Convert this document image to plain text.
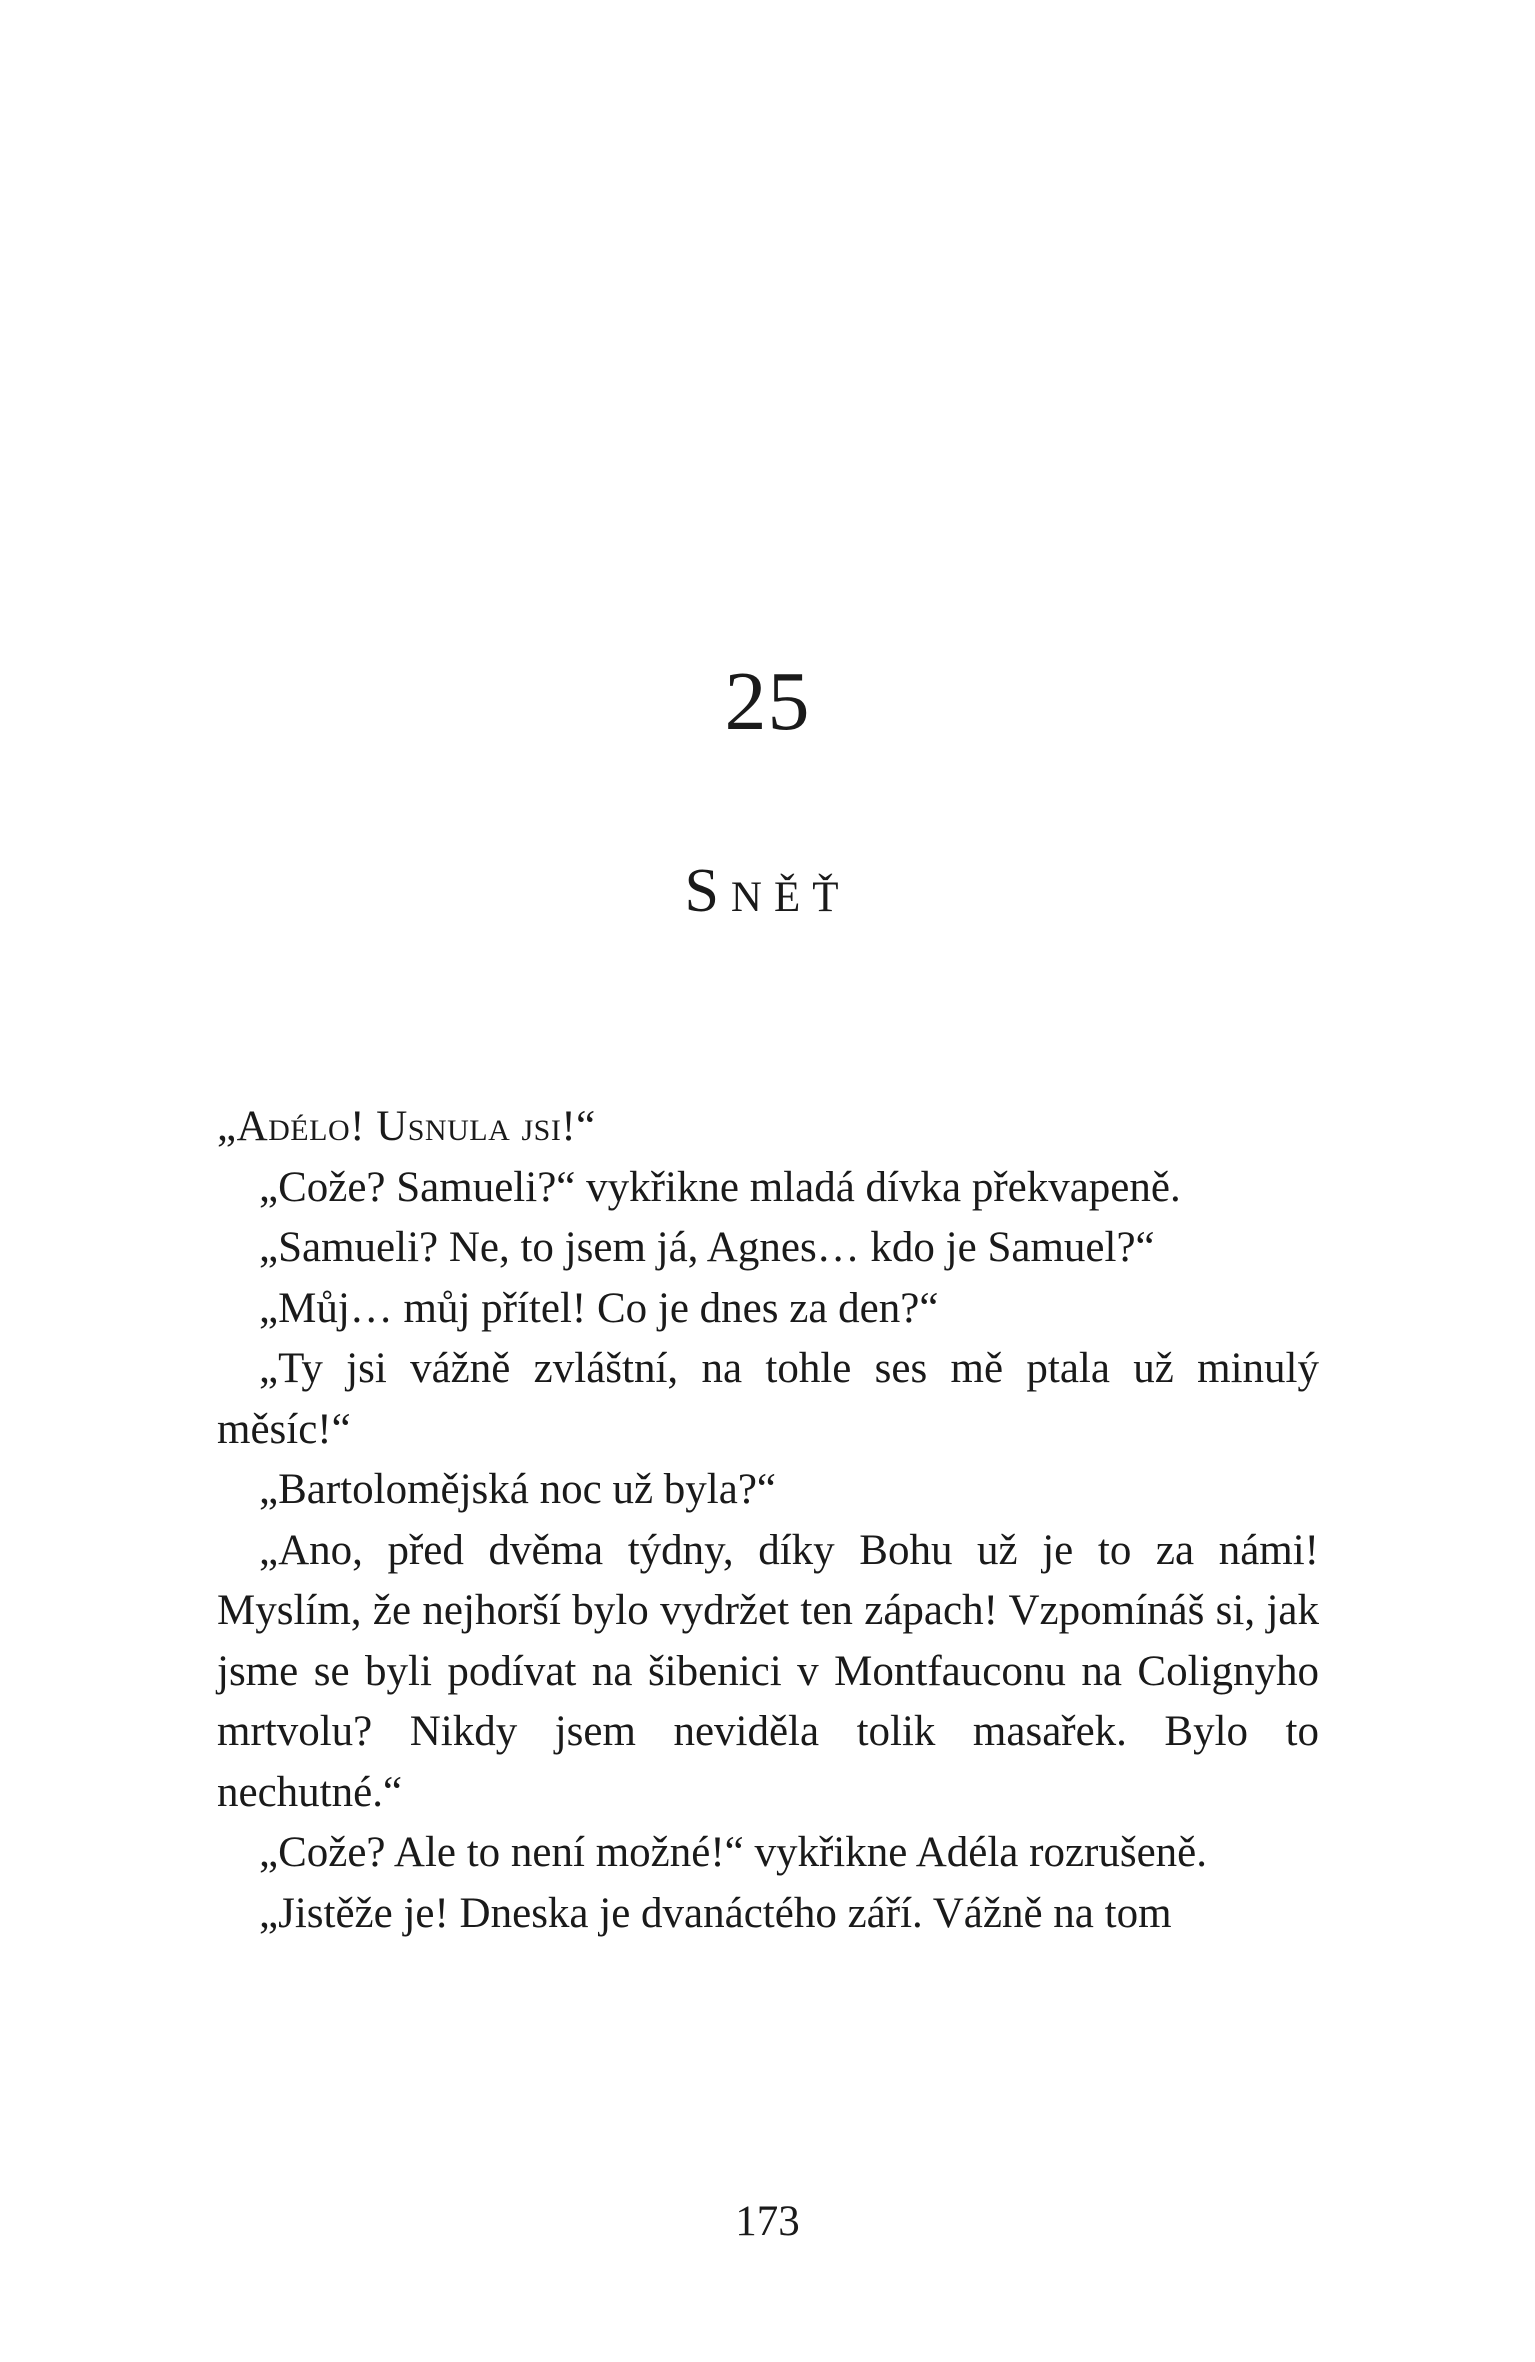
25
Sněť

„Adélo! Usnula jsi!“

„Cože? Samueli?“ vykřikne mladá dívka překvapeně.

„Samueli? Ne, to jsem já, Agnes… kdo je Samuel?“

„Můj… můj přítel! Co je dnes za den?“

„Ty jsi vážně zvláštní, na tohle ses mě ptala už minulý měsíc!“

„Bartolomějská noc už byla?“

„Ano, před dvěma týdny, díky Bohu už je to za námi! Myslím, že nejhorší bylo vydržet ten zápach! Vzpomínáš si, jak jsme se byli podívat na šibenici v Montfauconu na Colignyho mrtvolu? Nikdy jsem neviděla tolik masařek. Bylo to nechutné.“

„Cože? Ale to není možné!“ vykřikne Adéla rozrušeně.

„Jistěže je! Dneska je dvanáctého září. Vážně na tom

173
